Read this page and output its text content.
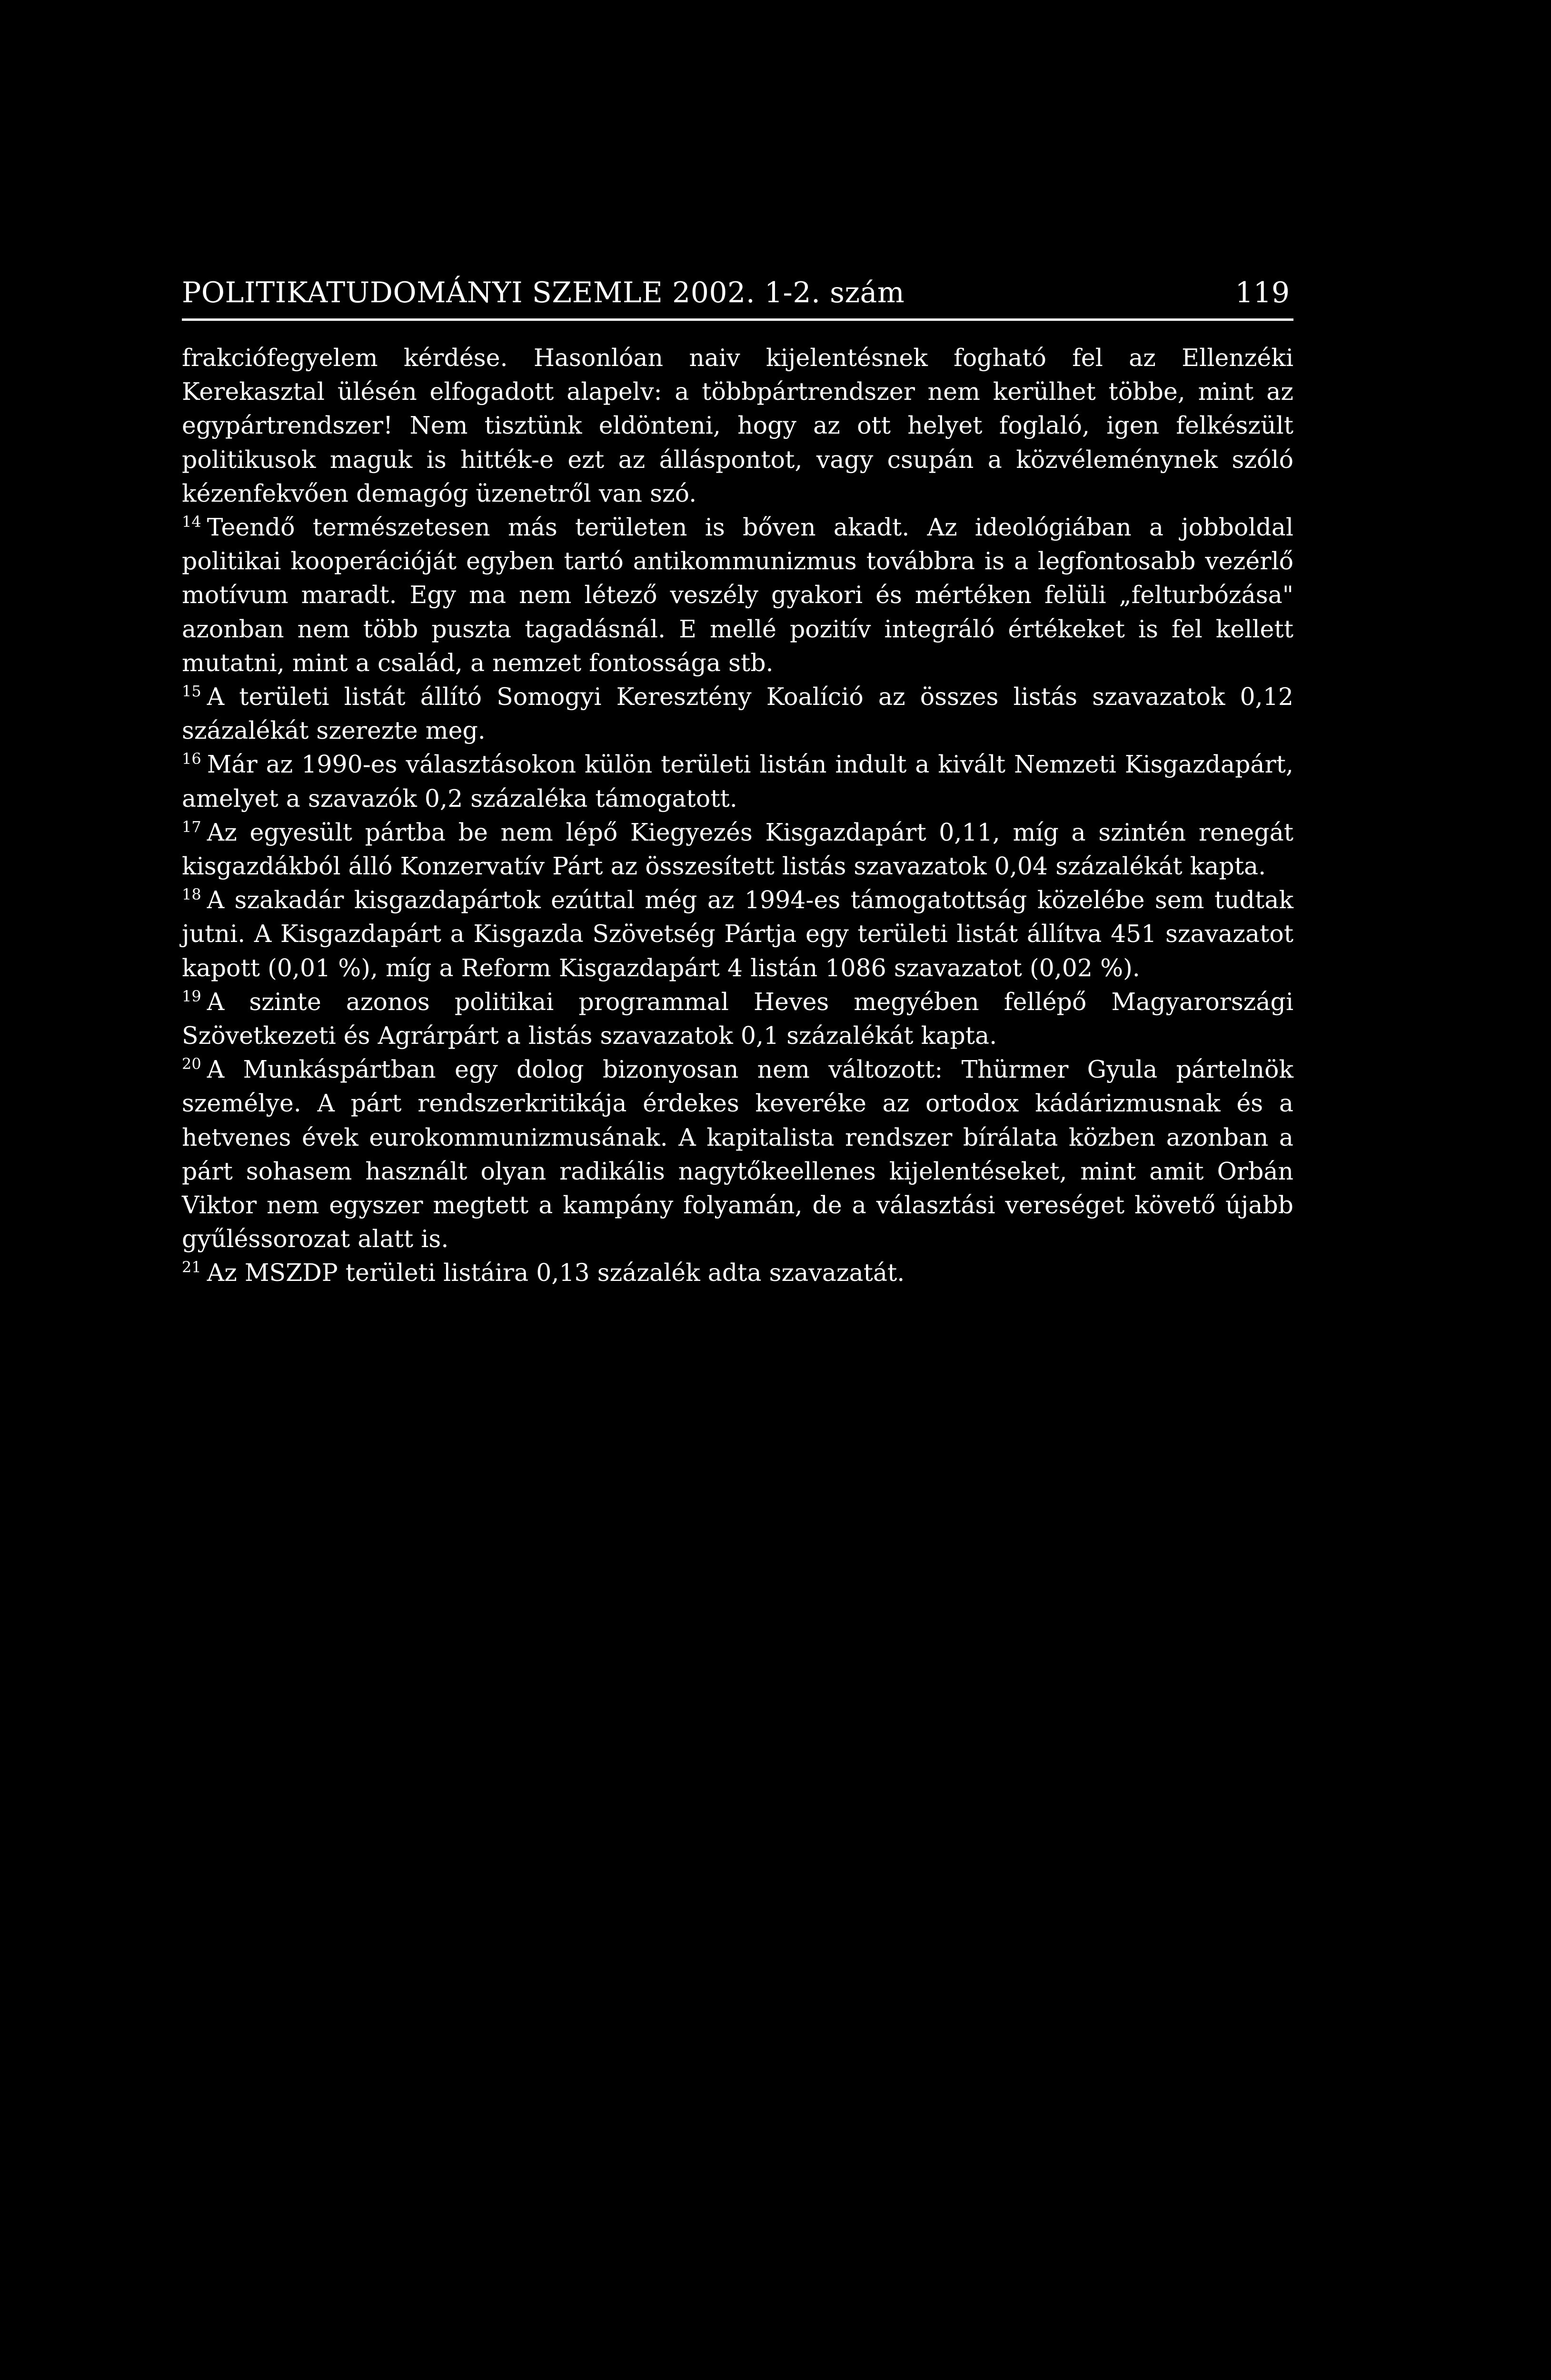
POLITIKATUDOMÁNYI SZEMLE 2002. 1-2. szám	119

frakciófegyelem kérdése. Hasonlóan naiv kijelentésnek fogható fel az Ellenzéki Kerekasztal ülésén elfogadott alapelv: a többpártrendszer nem kerülhet többe, mint az egypártrendszer! Nem tisztünk eldönteni, hogy az ott helyet foglaló, igen felkészült politikusok maguk is hitték-e ezt az álláspontot, vagy csupán a közvéleménynek szóló kézenfekvően demagóg üzenetről van szó.

$^{14}$ Teendő természetesen más területen is bőven akadt. Az ideológiában a jobboldal politikai kooperációját egyben tartó antikommunizmus továbbra is a legfontosabb vezérlő motívum maradt. Egy ma nem létező veszély gyakori és mértéken felüli „felturbózása" azonban nem több puszta tagadásnál. E mellé pozitív integráló értékeket is fel kellett mutatni, mint a család, a nemzet fontossága stb.

$^{15}$ A területi listát állító Somogyi Keresztény Koalíció az összes listás szavazatok 0,12 százalékát szerezte meg.

$^{16}$ Már az 1990-es választásokon külön területi listán indult a kivált Nemzeti Kisgazdapárt, amelyet a szavazók 0,2 százaléka támogatott.

$^{17}$ Az egyesült pártba be nem lépő Kiegyezés Kisgazdapárt 0,11, míg a szintén renegát kisgazdákból álló Konzervatív Párt az összesített listás szavazatok 0,04 százalékát kapta.

$^{18}$ A szakadár kisgazdapártok ezúttal még az 1994-es támogatottság közelébe sem tudtak jutni. A Kisgazdapárt a Kisgazda Szövetség Pártja egy területi listát állítva 451 szavazatot kapott (0,01 %), míg a Reform Kisgazdapárt 4 listán 1086 szavazatot (0,02 %).

$^{19}$ A szinte azonos politikai programmal Heves megyében fellépő Magyarországi Szövetkezeti és Agrárpárt a listás szavazatok 0,1 százalékát kapta.

$^{20}$ A Munkáspártban egy dolog bizonyosan nem változott: Thürmer Gyula pártelnök személye. A párt rendszerkritikája érdekes keveréke az ortodox kádárizmusnak és a hetvenes évek eurokommunizmusának. A kapitalista rendszer bírálata közben azonban a párt sohasem használt olyan radikális nagytőkeellenes kijelentéseket, mint amit Orbán Viktor nem egyszer megtett a kampány folyamán, de a választási vereséget követő újabb gyűléssorozat alatt is.

$^{21}$ Az MSZDP területi listáira 0,13 százalék adta szavazatát.
